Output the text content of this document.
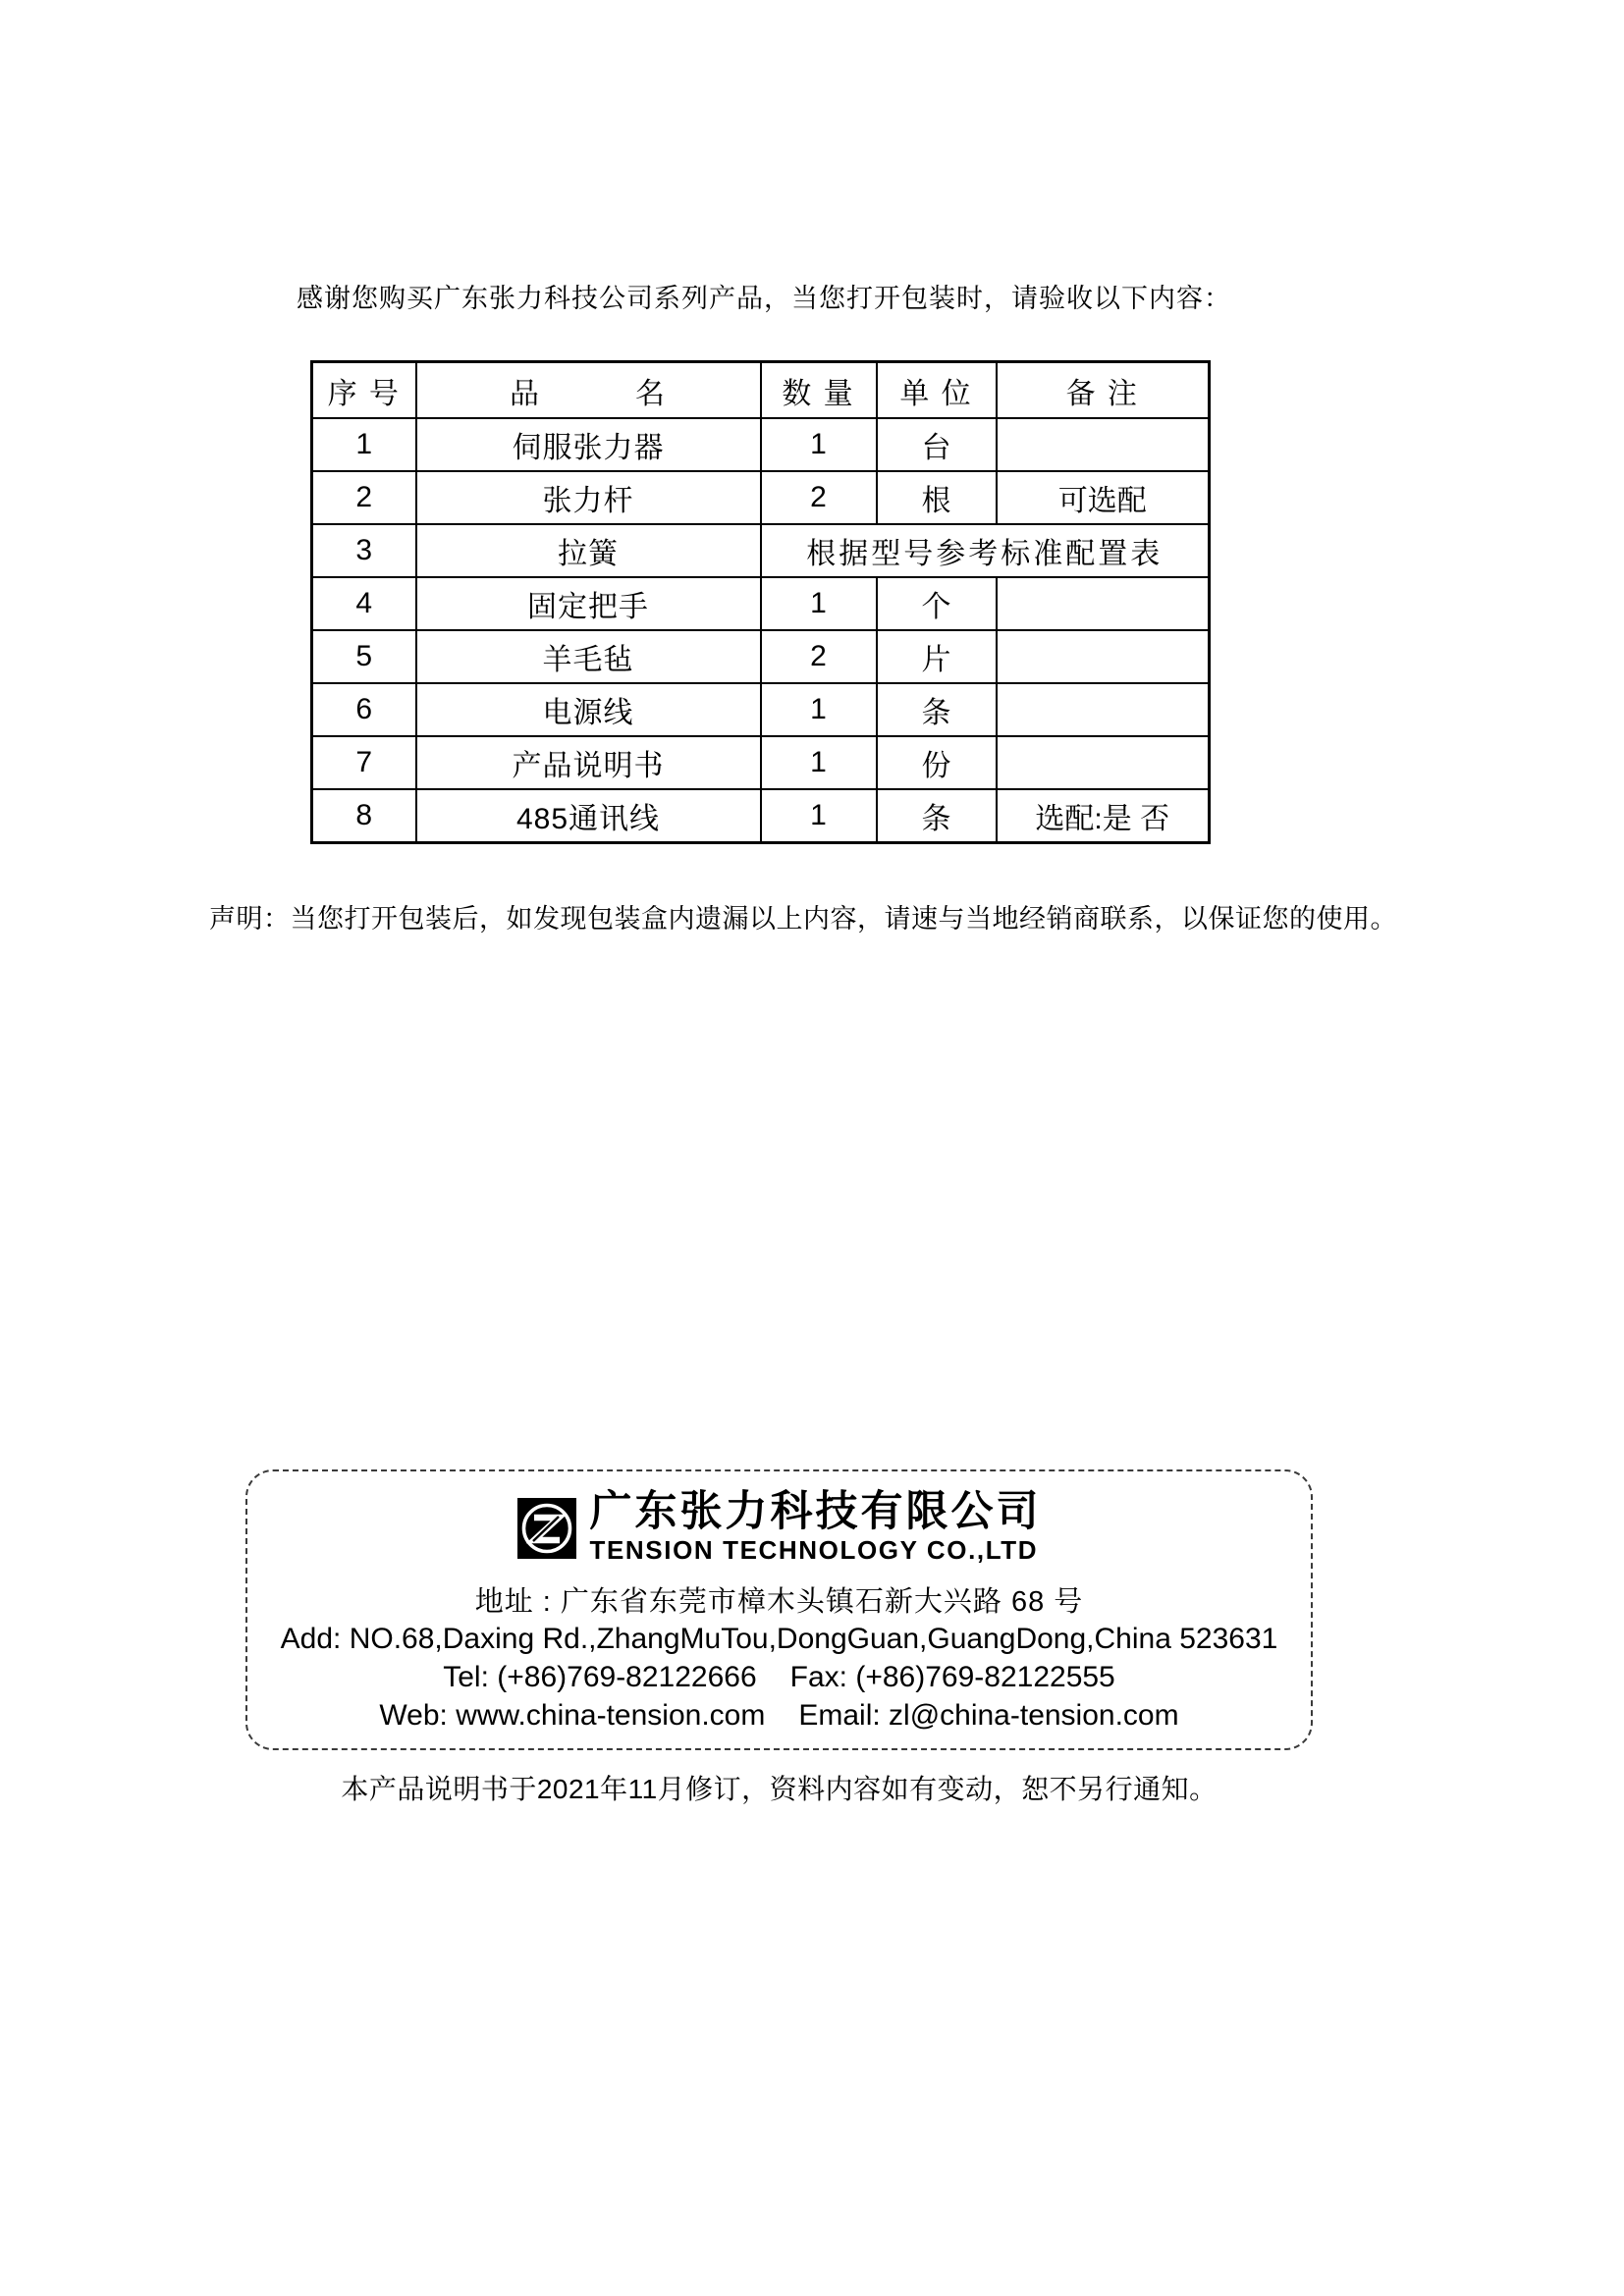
感谢您购买广东张力科技公司系列产品，当您打开包装时，请验收以下内容：

序 号	品　　　名	数 量	单 位	备 注
1	伺服张力器	1	台	
2	张力杆	2	根	可选配
3	拉簧	根据型号参考标准配置表		
4	固定把手	1	个	
5	羊毛毡	2	片	
6	电源线	1	条	
7	产品说明书	1	份	
8	485通讯线	1	条	选配:是 否

声明：当您打开包装后，如发现包装盒内遗漏以上内容，请速与当地经销商联系，以保证您的使用。

广东张力科技有限公司
TENSION TECHNOLOGY CO.,LTD
地址 : 广东省东莞市樟木头镇石新大兴路 68 号
Add: NO.68,Daxing Rd.,ZhangMuTou,DongGuan,GuangDong,China 523631
Tel: (+86)769-82122666 Fax: (+86)769-82122555
Web: www.china-tension.com Email: zl@china-tension.com

本产品说明书于2021年11月修订，资料内容如有变动，恕不另行通知。
